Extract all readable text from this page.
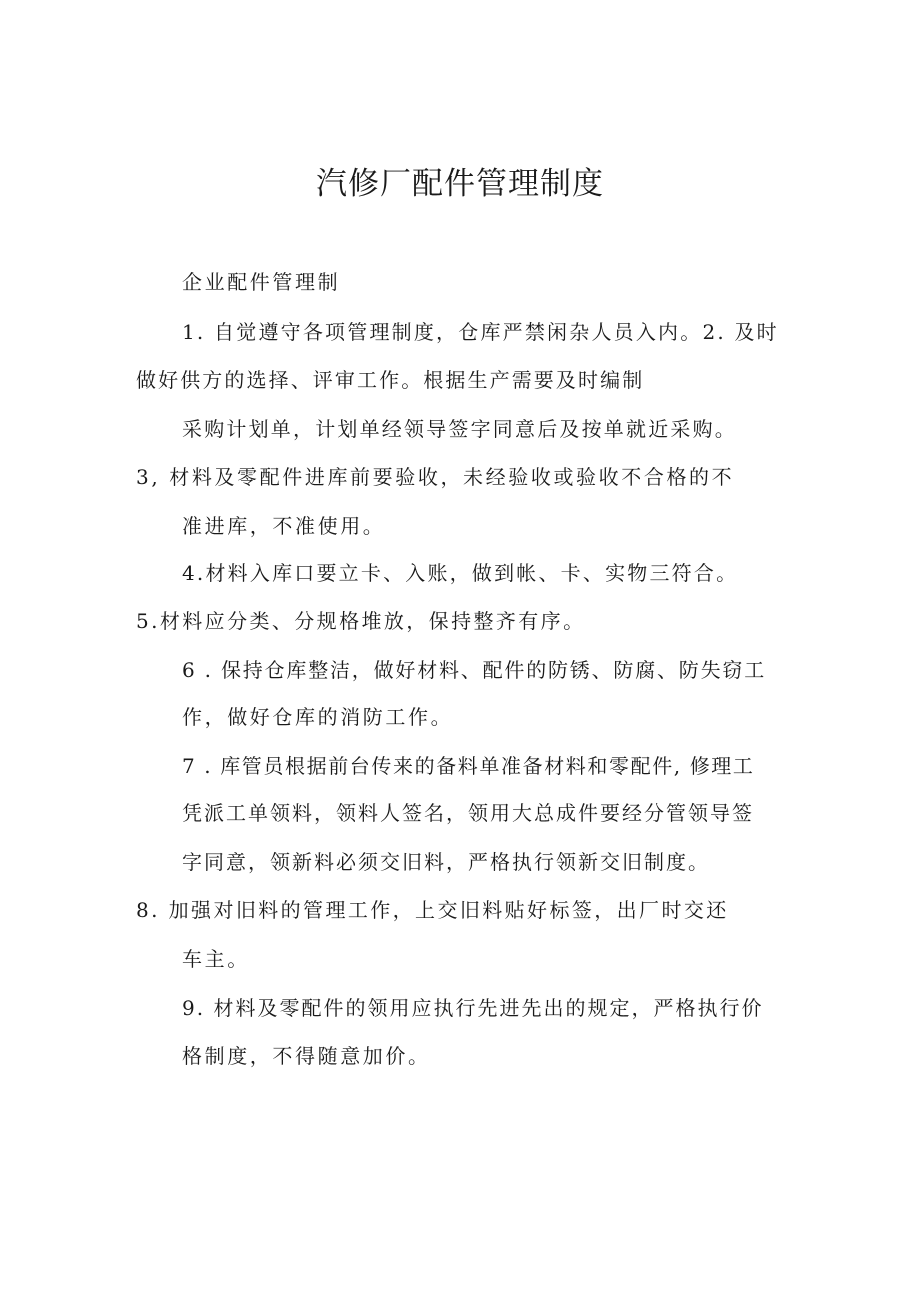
汽修厂配件管理制度
企业配件管理制
1. 自觉遵守各项管理制度，仓库严禁闲杂人员入内。2. 及时
做好供方的选择、评审工作。根据生产需要及时编制
采购计划单，计划单经领导签字同意后及按单就近采购。
3, 材料及零配件进库前要验收，未经验收或验收不合格的不
准进库，不准使用。
4.材料入库口要立卡、入账，做到帐、卡、实物三符合。
5.材料应分类、分规格堆放，保持整齐有序。
6 . 保持仓库整洁，做好材料、配件的防锈、防腐、防失窃工
作，做好仓库的消防工作。
7 . 库管员根据前台传来的备料单准备材料和零配件, 修理工
凭派工单领料，领料人签名，领用大总成件要经分管领导签
字同意，领新料必须交旧料，严格执行领新交旧制度。
8. 加强对旧料的管理工作，上交旧料贴好标签，出厂时交还
车主。
9. 材料及零配件的领用应执行先进先出的规定，严格执行价
格制度，不得随意加价。
